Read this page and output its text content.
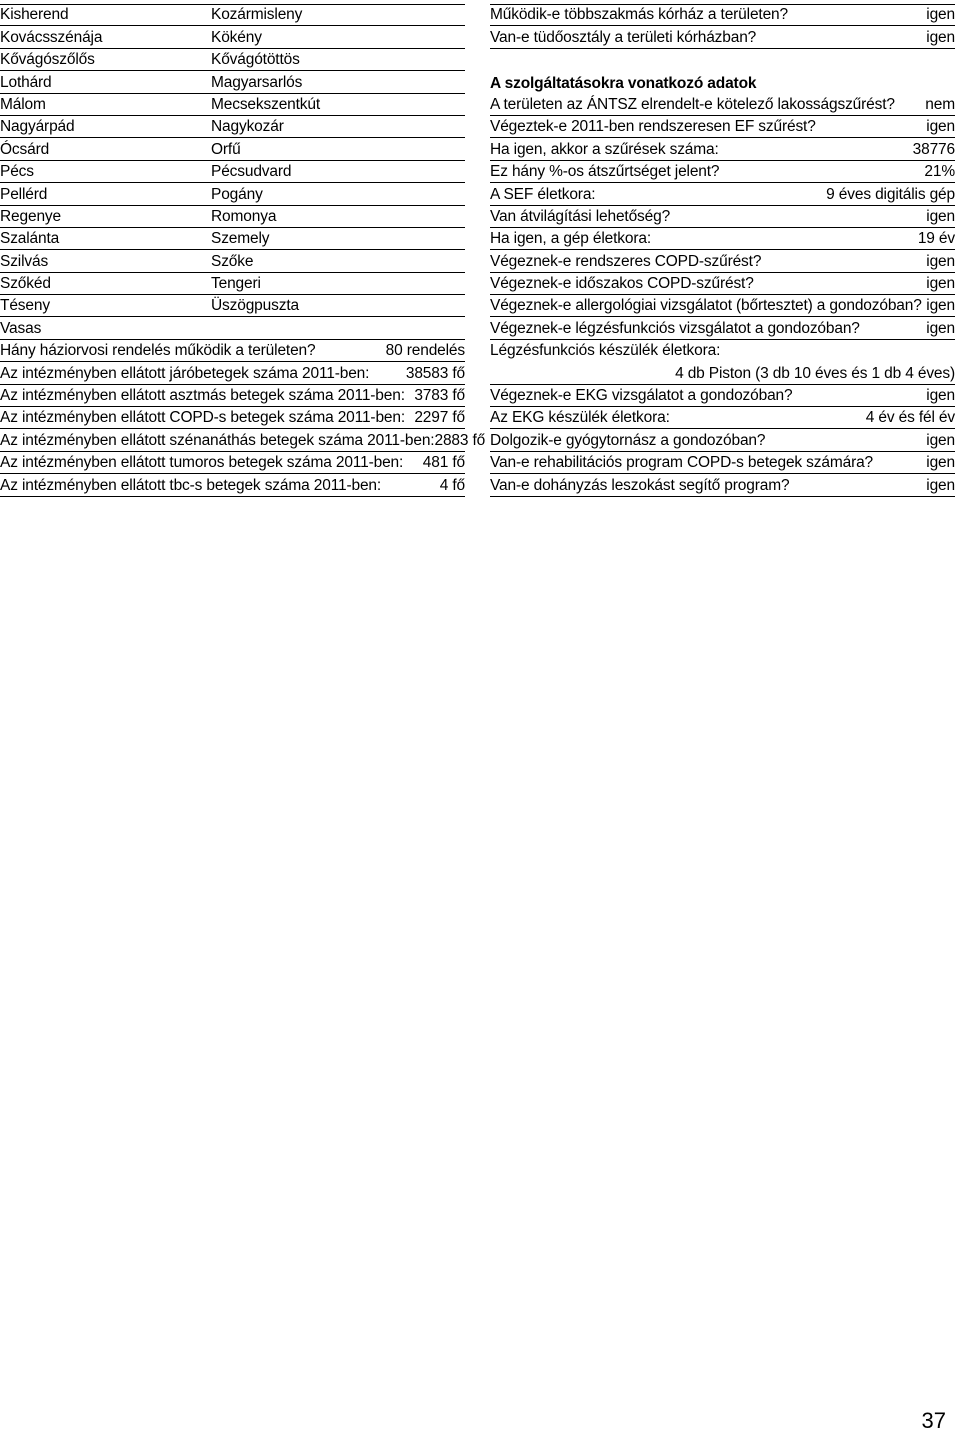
Kisherend	Kozármisleny
Kovácsszénája	Kökény
Kővágószőlős	Kővágótöttös
Lothárd	Magyarsarlós
Málom	Mecsekszentkút
Nagyárpád	Nagykozár
Ócsárd	Orfű
Pécs	Pécsudvard
Pellérd	Pogány
Regenye	Romonya
Szalánta	Szemely
Szilvás	Szőke
Szőkéd	Tengeri
Téseny	Üszögpuszta
Vasas
Hány háziorvosi rendelés működik a területen?	80 rendelés
Az intézményben ellátott járóbetegek száma 2011-ben: 38583 fő
Az intézményben ellátott asztmás betegek száma 2011-ben: 3783 fő
Az intézményben ellátott COPD-s betegek száma 2011-ben: 2297 fő
Az intézményben ellátott szénanáthás betegek száma 2011-ben: 2883 fő
Az intézményben ellátott tumoros betegek száma 2011-ben: 481 fő
Az intézményben ellátott tbc-s betegek száma 2011-ben:	4 fő
Működik-e többszakmás kórház a területen?	igen
Van-e tüdőosztály a területi kórházban?	igen
A szolgáltatásokra vonatkozó adatok
A területen az ÁNTSZ elrendelt-e kötelező lakosságszűrést? nem
Végeztek-e 2011-ben rendszeresen EF szűrést?	igen
Ha igen, akkor a szűrések száma:	38776
Ez hány %-os átszűrtséget jelent?	21%
A SEF életkora:	9 éves digitális gép
Van átvilágítási lehetőség?	igen
Ha igen, a gép életkora:	19 év
Végeznek-e rendszeres COPD-szűrést?	igen
Végeznek-e időszakos COPD-szűrést?	igen
Végeznek-e allergológiai vizsgálatot (bőrtesztet) a gondozóban? igen
Végeznek-e légzésfunkciós vizsgálatot a gondozóban?	igen
Légzésfunkciós készülék életkora:
4 db Piston (3 db 10 éves és 1 db 4 éves)
Végeznek-e EKG vizsgálatot a gondozóban?	igen
Az EKG készülék életkora:	4 év és fél év
Dolgozik-e gyógytornász a gondozóban?	igen
Van-e rehabilitációs program COPD-s betegek számára?	igen
Van-e dohányzás leszokást segítő program?	igen
37
